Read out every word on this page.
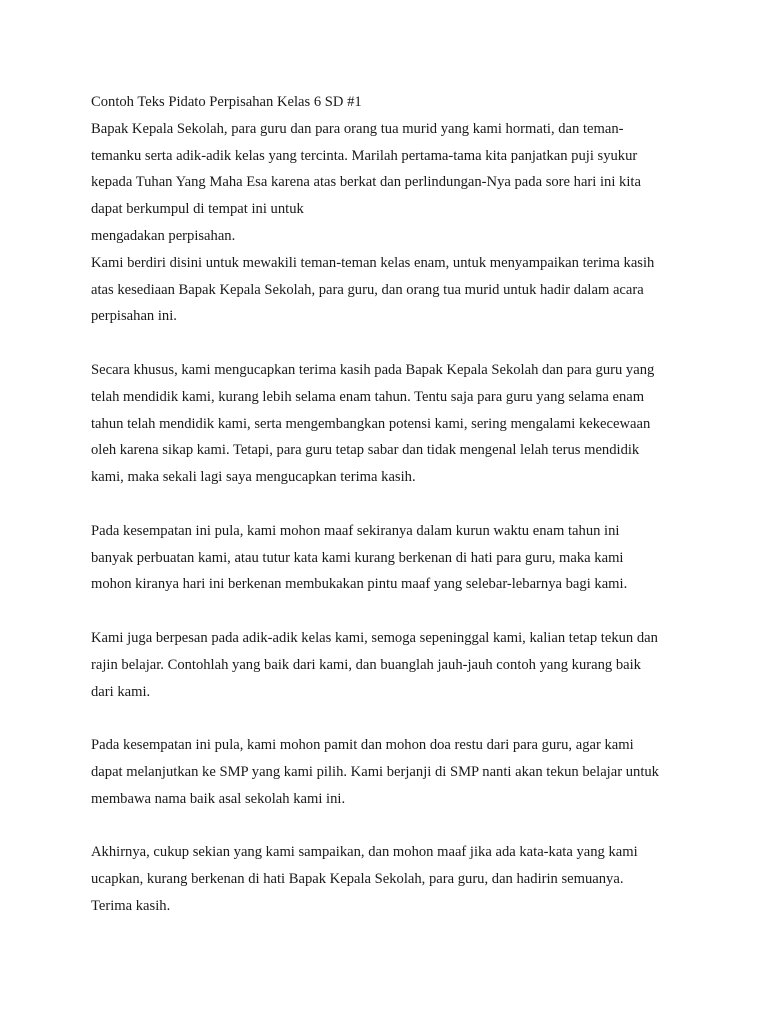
Contoh Teks Pidato Perpisahan Kelas 6 SD #1
Bapak Kepala Sekolah, para guru dan para orang tua murid yang kami hormati, dan teman-
temanku serta adik-adik kelas yang tercinta. Marilah pertama-tama kita panjatkan puji syukur
kepada Tuhan Yang Maha Esa karena atas berkat dan perlindungan-Nya pada sore hari ini kita
dapat berkumpul di tempat ini untuk
mengadakan perpisahan.
Kami berdiri disini untuk mewakili teman-teman kelas enam, untuk menyampaikan terima kasih
atas kesediaan Bapak Kepala Sekolah, para guru, dan orang tua murid untuk hadir dalam acara
perpisahan ini.
Secara khusus, kami mengucapkan terima kasih pada Bapak Kepala Sekolah dan para guru yang
telah mendidik kami, kurang lebih selama enam tahun. Tentu saja para guru yang selama enam
tahun telah mendidik kami, serta mengembangkan potensi kami, sering mengalami kekecewaan
oleh karena sikap kami. Tetapi, para guru tetap sabar dan tidak mengenal lelah terus mendidik
kami, maka sekali lagi saya mengucapkan terima kasih.
Pada kesempatan ini pula, kami mohon maaf sekiranya dalam kurun waktu enam tahun ini
banyak perbuatan kami, atau tutur kata kami kurang berkenan di hati para guru, maka kami
mohon kiranya hari ini berkenan membukakan pintu maaf yang selebar-lebarnya bagi kami.
Kami juga berpesan pada adik-adik kelas kami, semoga sepeninggal kami, kalian tetap tekun dan
rajin belajar. Contohlah yang baik dari kami, dan buanglah jauh-jauh contoh yang kurang baik
dari kami.
Pada kesempatan ini pula, kami mohon pamit dan mohon doa restu dari para guru, agar kami
dapat melanjutkan ke SMP yang kami pilih. Kami berjanji di SMP nanti akan tekun belajar untuk
membawa nama baik asal sekolah kami ini.
Akhirnya, cukup sekian yang kami sampaikan, dan mohon maaf jika ada kata-kata yang kami
ucapkan, kurang berkenan di hati Bapak Kepala Sekolah, para guru, dan hadirin semuanya.
Terima kasih.
